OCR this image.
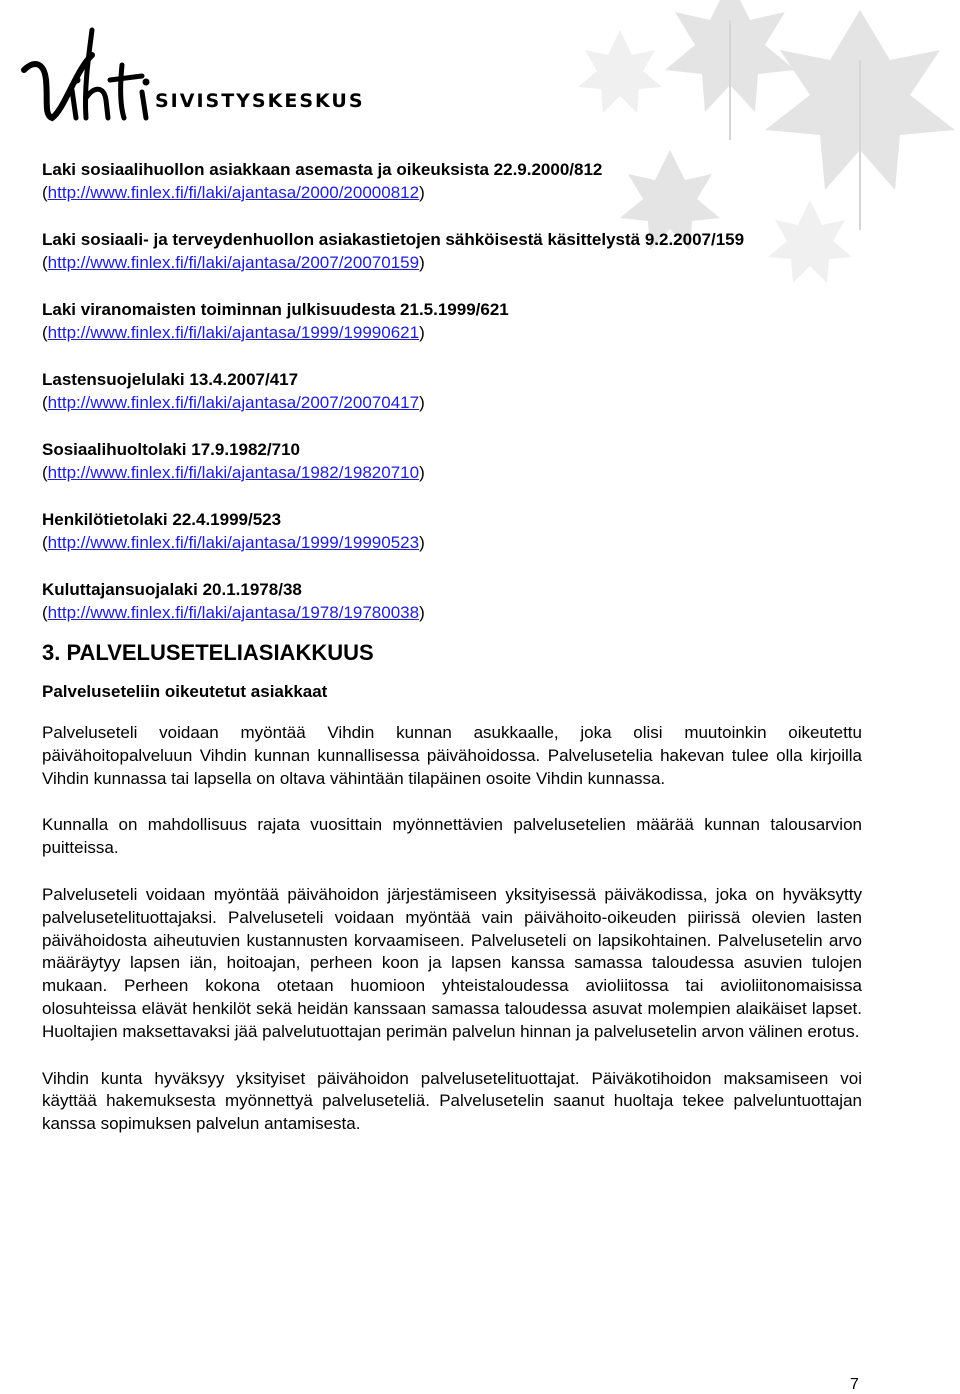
SIVISTYSKESKUS
Laki sosiaalihuollon asiakkaan asemasta ja oikeuksista 22.9.2000/812
(http://www.finlex.fi/fi/laki/ajantasa/2000/20000812)
Laki sosiaali- ja terveydenhuollon asiakastietojen sähköisestä käsittelystä 9.2.2007/159
(http://www.finlex.fi/fi/laki/ajantasa/2007/20070159)
Laki viranomaisten toiminnan julkisuudesta 21.5.1999/621
(http://www.finlex.fi/fi/laki/ajantasa/1999/19990621)
Lastensuojelulaki 13.4.2007/417
(http://www.finlex.fi/fi/laki/ajantasa/2007/20070417)
Sosiaalihuoltolaki 17.9.1982/710
(http://www.finlex.fi/fi/laki/ajantasa/1982/19820710)
Henkilötietolaki 22.4.1999/523
(http://www.finlex.fi/fi/laki/ajantasa/1999/19990523)
Kuluttajansuojalaki 20.1.1978/38
(http://www.finlex.fi/fi/laki/ajantasa/1978/19780038)
3. PALVELUSETELIASIAKKUUS
Palveluseteliin oikeutetut asiakkaat

Palveluseteli voidaan myöntää Vihdin kunnan asukkaalle, joka olisi muutoinkin oikeutettu päivähoitopalveluun Vihdin kunnan kunnallisessa päivähoidossa. Palvelusetelia hakevan tulee olla kirjoilla Vihdin kunnassa tai lapsella on oltava vähintään tilapäinen osoite Vihdin kunnassa.

Kunnalla on mahdollisuus rajata vuosittain myönnettävien palvelusetelien määrää kunnan talousarvion puitteissa.

Palveluseteli voidaan myöntää päivähoidon järjestämiseen yksityisessä päiväkodissa, joka on hyväksytty palvelusetelituottajaksi. Palveluseteli voidaan myöntää vain päivähoito-oikeuden piirissä olevien lasten päivähoidosta aiheutuvien kustannusten korvaamiseen. Palveluseteli on lapsikohtainen. Palvelusetelin arvo määräytyy lapsen iän, hoitoajan, perheen koon ja lapsen kanssa samassa taloudessa asuvien tulojen mukaan. Perheen kokona otetaan huomioon yhteistaloudessa avioliitossa tai avioliitonomaisissa olosuhteissa elävät henkilöt sekä heidän kanssaan samassa taloudessa asuvat molempien alaikäiset lapset. Huoltajien maksettavaksi jää palvelutuottajan perimän palvelun hinnan ja palvelusetelin arvon välinen erotus.

Vihdin kunta hyväksyy yksityiset päivähoidon palvelusetelituottajat. Päiväkotihoidon maksamiseen voi käyttää hakemuksesta myönnettyä palveluseteliä. Palvelusetelin saanut huoltaja tekee palveluntuottajan kanssa sopimuksen palvelun antamisesta.

7
